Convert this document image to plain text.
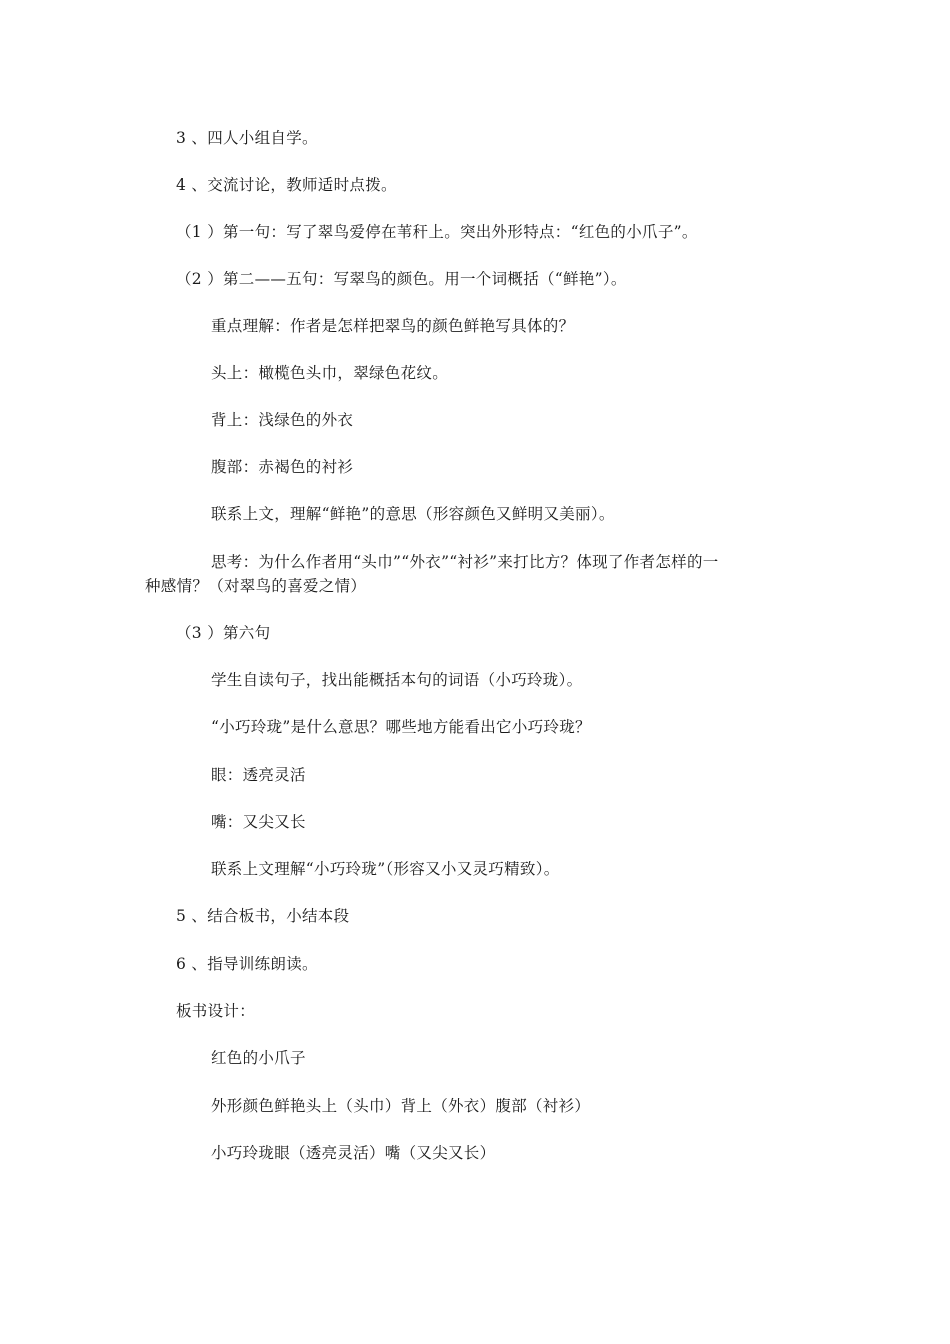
3 、四人小组自学。
4 、交流讨论，教师适时点拨。
（1 ）第一句：写了翠鸟爱停在苇秆上。突出外形特点：“红色的小爪子”。
（2 ）第二——五句：写翠鸟的颜色。用一个词概括（“鲜艳”）。
重点理解：作者是怎样把翠鸟的颜色鲜艳写具体的？
头上：橄榄色头巾，翠绿色花纹。
背上：浅绿色的外衣
腹部：赤褐色的衬衫
联系上文，理解“鲜艳”的意思（形容颜色又鲜明又美丽）。
思考：为什么作者用“头巾”“外衣”“衬衫”来打比方？体现了作者怎样的一
种感情？（对翠鸟的喜爱之情）
（3 ）第六句
学生自读句子，找出能概括本句的词语（小巧玲珑）。
“小巧玲珑”是什么意思？哪些地方能看出它小巧玲珑？
眼：透亮灵活
嘴：又尖又长
联系上文理解“小巧玲珑”（形容又小又灵巧精致）。
5 、结合板书，小结本段
6 、指导训练朗读。
板书设计：
红色的小爪子
外形颜色鲜艳头上（头巾）背上（外衣）腹部（衬衫）
小巧玲珑眼（透亮灵活）嘴（又尖又长）
